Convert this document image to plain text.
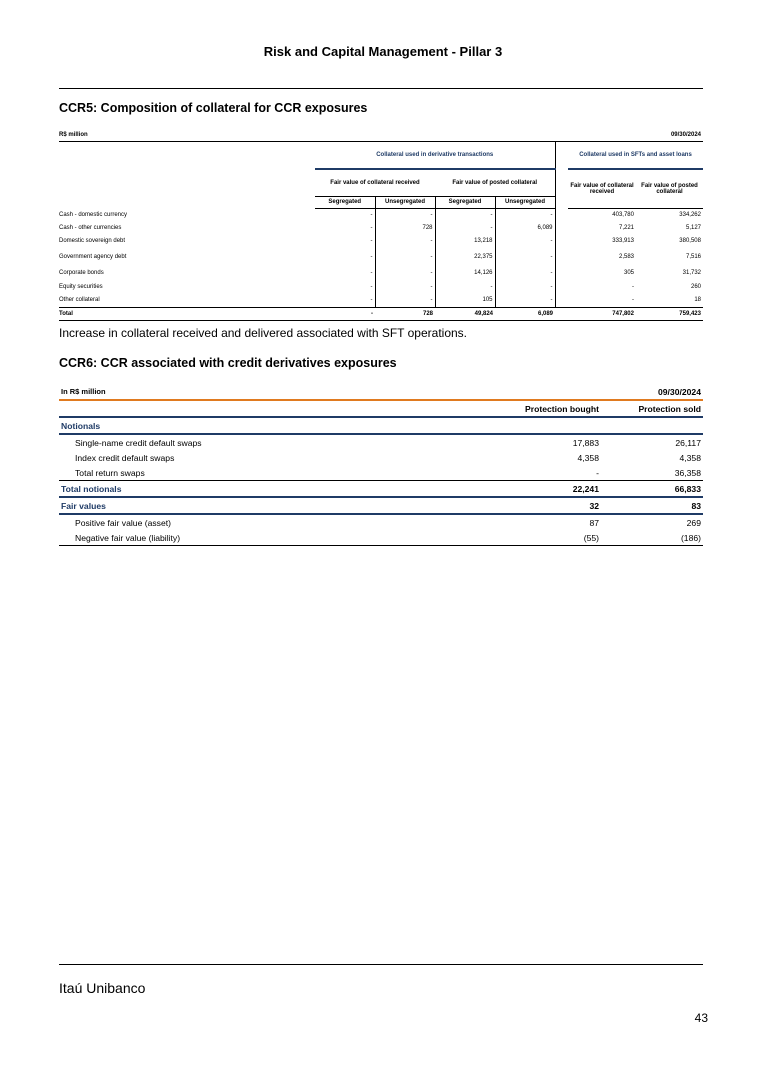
Risk and Capital Management - Pillar 3
CCR5: Composition of collateral for CCR exposures
R$ million							09/30/2024
	Collateral used in derivative transactions					Collateral used in SFTs and asset loans	
	Fair value of collateral received		Fair value of posted collateral			Fair value of collateral received	Fair value of posted collateral
	Segregated	Unsegregated	Segregated	Unsegregated			
Cash - domestic currency	-	-	-	-		403,780	334,262
Cash - other currencies	-	728	-	6,089		7,221	5,127
Domestic sovereign debt	-	-	13,218	-		333,913	380,508
Government agency debt	-	-	22,375	-		2,583	7,516
Corporate bonds	-	-	14,126	-		305	31,732
Equity securities	-	-	-	-		-	260
Other collateral	-	-	105	-		-	18
Total	-	728	49,824	6,089		747,802	759,423
Increase in collateral received and delivered associated with SFT operations.
CCR6: CCR associated with credit derivatives exposures
In R$ million		09/30/2024
	Protection bought	Protection sold
Notionals		
Single-name credit default swaps	17,883	26,117
Index credit default swaps	4,358	4,358
Total return swaps	-	36,358
Total notionals	22,241	66,833
Fair values	32	83
Positive fair value (asset)	87	269
Negative fair value (liability)	(55)	(186)
Itaú Unibanco
43
